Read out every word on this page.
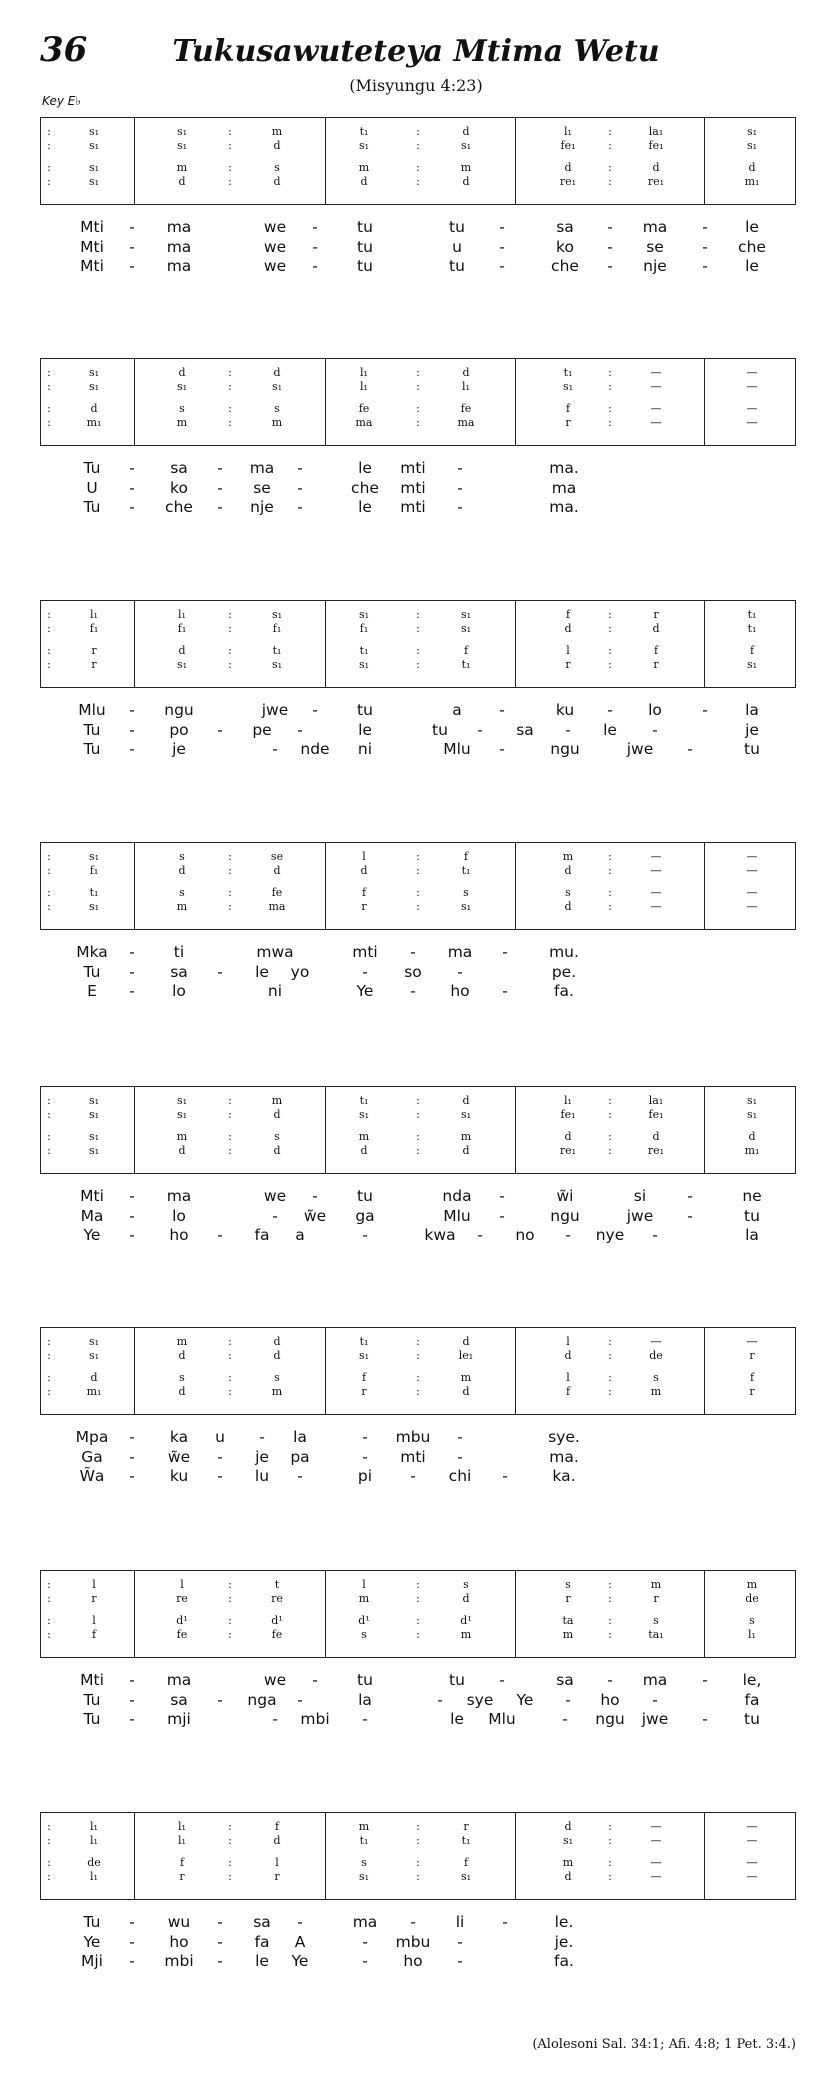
36	Tukusawuteteya Mtima Wetu
(Misyungu 4:23)
Key E♭
:	s₁	s₁	:	m	t₁	:	d	l₁	:	la₁	s₁
:	s₁	s₁	:	d	s₁	:	s₁	fe₁	:	fe₁	s₁
:	s₁	m	:	s	m	:	m	d	:	d	d
:	s₁	d	:	d	d	:	d	re₁	:	re₁	m₁
Mti - ma	we -	tu	tu -	sa - ma - le
Mti - ma	we -	tu	u -	ko - se - che
Mti - ma	we -	tu	tu -	che - nje - le
:	s₁	d	:	d	l₁	:	d	t₁	:	—	—
:	s₁	s₁	:	s₁	l₁	:	l₁	s₁	:	—	—
:	d	s	:	s	fe	:	fe	f	:	—	—
:	m₁	m	:	m	ma	:	ma	r	:	—	—
Tu - sa - ma -	le mti -	ma.
U - ko - se -	che mti -	ma
Tu - che - nje -	le mti -	ma.
:	l₁	l₁	:	s₁	s₁	:	s₁	f	:	r	t₁
:	f₁	f₁	:	f₁	f₁	:	s₁	d	:	d	t₁
:	r	d	:	t₁	t₁	:	f	l	:	f	f
:	r	s₁	:	s₁	s₁	:	t₁	r	:	r	s₁
Mlu - ngu	jwe -	tu	a -	ku - lo	- la
Tu - po - pe -	le	tu - sa - le -	je
Tu - je	- nde ni	Mlu -	ngu	jwe -	tu
:	s₁	s	:	se	l	:	f	m	:	—	—
:	f₁	d	:	d	d	:	t₁	d	:	—	—
:	t₁	s	:	fe	f	:	s	s	:	—	—
:	s₁	m	:	ma	r	:	s₁	d	:	—	—
Mka -	ti	mwa	mti - ma -	mu.
Tu - sa - le yo	- so -	pe.
E - lo	ni	Ye - ho -	fa.
:	s₁	s₁	:	m	t₁	:	d	l₁	:	la₁	s₁
:	s₁	s₁	:	d	s₁	:	s₁	fe₁	:	fe₁	s₁
:	s₁	m	:	s	m	:	m	d	:	d	d
:	s₁	d	:	d	d	:	d	re₁	:	re₁	m₁
Mti - ma	we -	tu	nda -	w̃i	si	-	ne
Ma - lo	- w̃e ga	Mlu -	ngu	jwe -	tu
Ye - ho - fa a	-	kwa - no - nye -	la
:	s₁	m	:	d	t₁	:	d	l	:	—	—
:	s₁	d	:	d	s₁	:	le₁	d	:	de	r
:	d	s	:	s	f	:	m	l	:	s	f
:	m₁	d	:	m	r	:	d	f	:	m	r
Mpa - ka u - la	- mbu -	sye.
Ga - w̃e - je pa	- mti -	ma.
W̃a - ku - lu -	pi - chi -	ka.
:	l	l	:	t	l	:	s	s	:	m	m
:	r	re	:	re	m	:	d	r	:	r	de
:	l	d¹	:	d¹	d¹	:	d¹	ta	:	s	s
:	f	fe	:	fe	s	:	m	m	:	ta₁	l₁
Mti - ma	we -	tu	tu -	sa - ma - le,
Tu - sa - nga -	la	- sye Ye - ho -	fa
Tu - mji	- mbi -	le Mlu	- ngu jwe - tu
:	l₁	l₁	:	f	m	:	r	d	:	—	—
:	l₁	l₁	:	d	t₁	:	t₁	s₁	:	—	—
:	de	f	:	l	s	:	f	m	:	—	—
:	l₁	r	:	r	s₁	:	s₁	d	:	—	—
Tu - wu - sa -	ma -	li -	le.
Ye - ho - fa A	- mbu -	je.
Mji - mbi - le Ye	- ho -	fa.
(Alolesoni Sal. 34:1; Afi. 4:8; 1 Pet. 3:4.)
